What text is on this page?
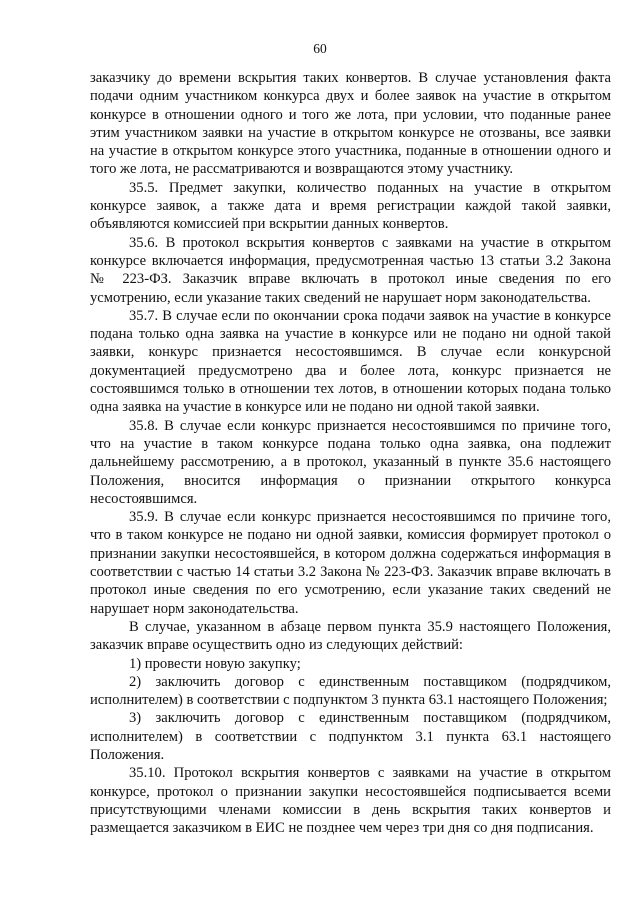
60

заказчику до времени вскрытия таких конвертов. В случае установления факта подачи одним участником конкурса двух и более заявок на участие в открытом конкурсе в отношении одного и того же лота, при условии, что поданные ранее этим участником заявки на участие в открытом конкурсе не отозваны, все заявки на участие в открытом конкурсе этого участника, поданные в отношении одного и того же лота, не рассматриваются и возвращаются этому участнику.

35.5. Предмет закупки, количество поданных на участие в открытом конкурсе заявок, а также дата и время регистрации каждой такой заявки, объявляются комиссией при вскрытии данных конвертов.

35.6. В протокол вскрытия конвертов с заявками на участие в открытом конкурсе включается информация, предусмотренная частью 13 статьи 3.2 Закона № 223-ФЗ. Заказчик вправе включать в протокол иные сведения по его усмотрению, если указание таких сведений не нарушает норм законодательства.

35.7. В случае если по окончании срока подачи заявок на участие в конкурсе подана только одна заявка на участие в конкурсе или не подано ни одной такой заявки, конкурс признается несостоявшимся. В случае если конкурсной документацией предусмотрено два и более лота, конкурс признается не состоявшимся только в отношении тех лотов, в отношении которых подана только одна заявка на участие в конкурсе или не подано ни одной такой заявки.

35.8. В случае если конкурс признается несостоявшимся по причине того, что на участие в таком конкурсе подана только одна заявка, она подлежит дальнейшему рассмотрению, а в протокол, указанный в пункте 35.6 настоящего Положения, вносится информация о признании открытого конкурса несостоявшимся.

35.9. В случае если конкурс признается несостоявшимся по причине того, что в таком конкурсе не подано ни одной заявки, комиссия формирует протокол о признании закупки несостоявшейся, в котором должна содержаться информация в соответствии с частью 14 статьи 3.2 Закона № 223-ФЗ. Заказчик вправе включать в протокол иные сведения по его усмотрению, если указание таких сведений не нарушает норм законодательства.

В случае, указанном в абзаце первом пункта 35.9 настоящего Положения, заказчик вправе осуществить одно из следующих действий:

1) провести новую закупку;

2) заключить договор с единственным поставщиком (подрядчиком, исполнителем) в соответствии с подпунктом 3 пункта 63.1 настоящего Положения;

3) заключить договор с единственным поставщиком (подрядчиком, исполнителем) в соответствии с подпунктом 3.1 пункта 63.1 настоящего Положения.

35.10. Протокол вскрытия конвертов с заявками на участие в открытом конкурсе, протокол о признании закупки несостоявшейся подписывается всеми присутствующими членами комиссии в день вскрытия таких конвертов и размещается заказчиком в ЕИС не позднее чем через три дня со дня подписания.
